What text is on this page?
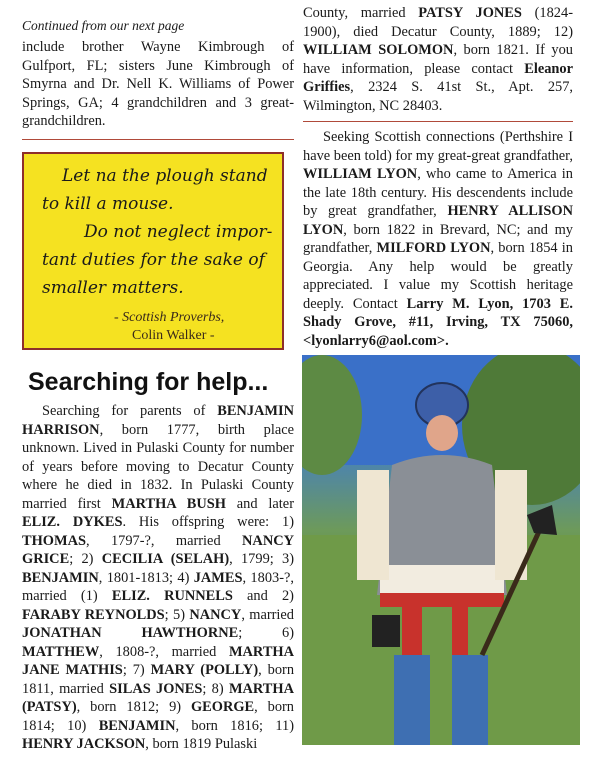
Continued from our next page

include brother Wayne Kimbrough of Gulfport, FL; sisters June Kimbrough of Smyrna and Dr. Nell K. Williams of Power Springs, GA; 4 grandchildren and 3 great-grandchildren.

Let na the plough stand
to kill a mouse.
Do not neglect impor-
tant duties for the sake of
smaller matters.
- Scottish Proverbs,
Colin Walker -
Searching for help...

Searching for parents of BENJAMIN HARRISON, born 1777, birth place unknown. Lived in Pulaski County for number of years before moving to Decatur County where he died in 1832. In Pulaski County married first MARTHA BUSH and later ELIZ. DYKES. His offspring were: 1) THOMAS, 1797-?, married NANCY GRICE; 2) CECILIA (SELAH), 1799; 3) BENJAMIN, 1801-1813; 4) JAMES, 1803-?, married (1) ELIZ. RUNNELS and 2) FARABY REYNOLDS; 5) NANCY, married JONATHAN HAWTHORNE; 6) MATTHEW, 1808-?, married MARTHA JANE MATHIS; 7) MARY (POLLY), born 1811, married SILAS JONES; 8) MARTHA (PATSY), born 1812; 9) GEORGE, born 1814; 10) BENJAMIN, born 1816; 11) HENRY JACKSON, born 1819 Pulaski

County, married PATSY JONES (1824-1900), died Decatur County, 1889; 12) WILLIAM SOLOMON, born 1821. If you have information, please contact Eleanor Griffies, 2324 S. 41st St., Apt. 257, Wilmington, NC 28403.

Seeking Scottish connections (Perthshire I have been told) for my great-great grandfather, WILLIAM LYON, who came to America in the late 18th century. His descendents include by great grandfather, HENRY ALLISON LYON, born 1822 in Brevard, NC; and my grandfather, MILFORD LYON, born 1854 in Georgia. Any help would be greatly appreciated. I value my Scottish heritage deeply. Contact Larry M. Lyon, 1703 E. Shady Grove, #11, Irving, TX 75060, <lyonlarry6@aol.com>.
